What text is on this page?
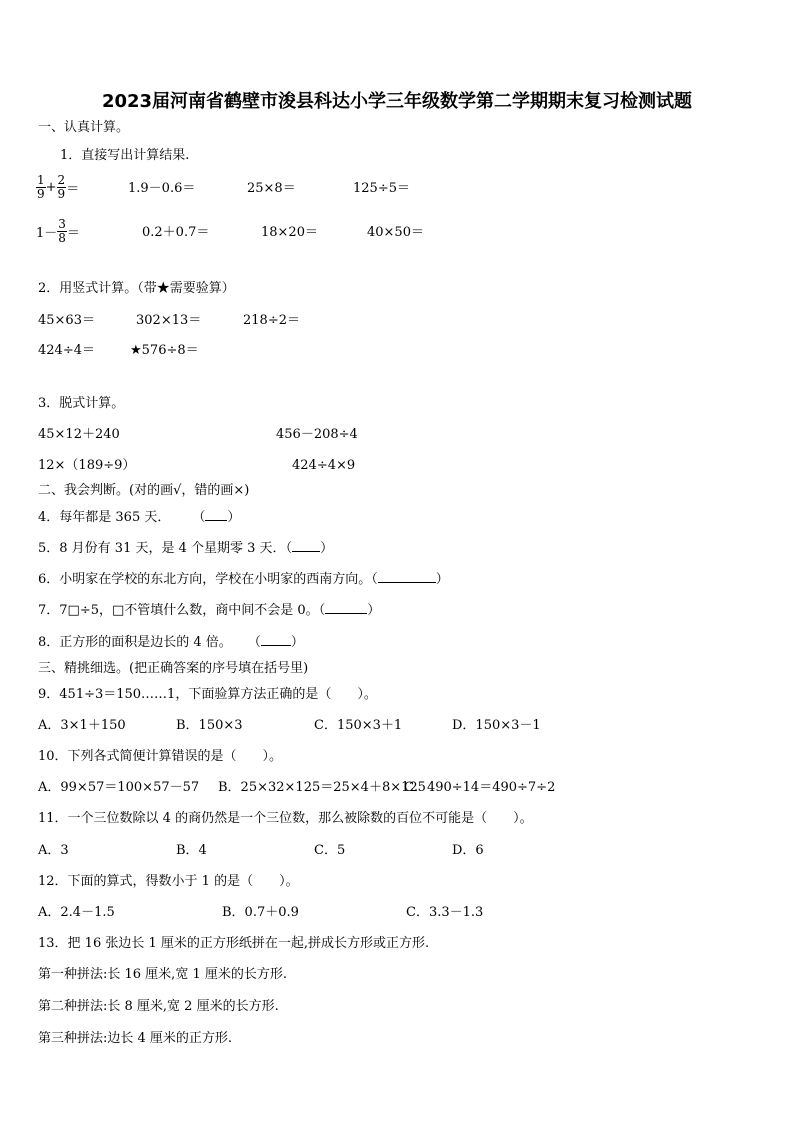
2023届河南省鹤壁市浚县科达小学三年级数学第二学期期末复习检测试题
一、认真计算。
1．直接写出计算结果.
$\frac{1}{9} + \frac{2}{9}$ ＝	1.9－0.6＝	25×8＝	125÷5＝
$1- \frac{3}{8}$ ＝	0.2＋0.7＝	18×20＝	40×50＝
2．用竖式计算。（带★需要验算）
45×63＝	302×13＝	218÷2＝
424÷4＝	★576÷8＝
3．脱式计算。
45×12＋240	456－208÷4
12×（189÷9）	424÷4×9
二、我会判断。(对的画√，错的画×)
4．每年都是 365 天． （ ）
5．8 月份有 31 天，是 4 个星期零 3 天．（ ）
6．小明家在学校的东北方向，学校在小明家的西南方向。（	）
7．7□÷5，□不管填什么数，商中间不会是 0。（	）
8．正方形的面积是边长的 4 倍。 （ ）
三、精挑细选。(把正确答案的序号填在括号里)
9．451÷3＝150……1，下面验算方法正确的是（　　）。
A．3×1＋150	B．150×3	C．150×3＋1	D．150×3－1
10．下列各式简便计算错误的是（　　）。
A．99×57＝100×57－57 B．25×32×125＝25×4＋8×125
C．490÷14＝490÷7÷2
11．一个三位数除以 4 的商仍然是一个三位数，那么被除数的百位不可能是（　　）。
A．3	B．4	C．5	D．6
12．下面的算式，得数小于 1 的是（　　）。
A．2.4－1.5	B．0.7＋0.9	C．3.3－1.3
13．把 16 张边长 1 厘米的正方形纸拼在一起,拼成长方形或正方形.
第一种拼法:长 16 厘米,宽 1 厘米的长方形.
第二种拼法:长 8 厘米,宽 2 厘米的长方形.
第三种拼法:边长 4 厘米的正方形.
